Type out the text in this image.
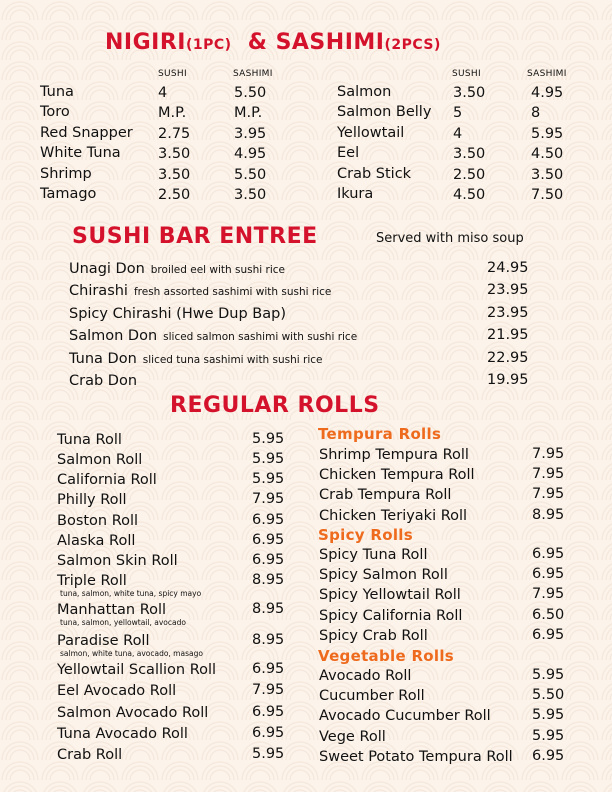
NIGIRI(1PC) & SASHIMI(2PCS)
SUSHI	SASHIMI	SUSHI	SASHIMI
Tuna	4	5.50
Toro	M.P.	M.P.
Red Snapper 2.75	3.95
White Tuna	3.50	4.95
Shrimp	3.50	5.50
Tamago	2.50	3.50
Salmon	3.50	4.95
Salmon Belly 5	8
Yellowtail	4	5.95
Eel	3.50	4.50
Crab Stick	2.50	3.50
Ikura	4.50	7.50
SUSHI BAR ENTREE	Served with miso soup
Unagi Don broiled eel with sushi rice	24.95
Chirashi fresh assorted sashimi with sushi rice	23.95
Spicy Chirashi (Hwe Dup Bap)	23.95
Salmon Don sliced salmon sashimi with sushi rice	21.95
Tuna Don sliced tuna sashimi with sushi rice	22.95
Crab Don	19.95
REGULAR ROLLS
Tuna Roll	5.95
Salmon Roll	5.95
California Roll	5.95
Philly Roll	7.95
Boston Roll	6.95
Alaska Roll	6.95
Salmon Skin Roll	6.95
Triple Roll	8.95
tuna, salmon, white tuna, spicy mayo
Manhattan Roll	8.95
tuna, salmon, yellowtail, avocado
Paradise Roll	8.95
salmon, white tuna, avocado, masago
Yellowtail Scallion Roll 6.95
Eel Avocado Roll	7.95
Salmon Avocado Roll	6.95
Tuna Avocado Roll	6.95
Crab Roll	5.95
Tempura Rolls
Shrimp Tempura Roll	7.95
Chicken Tempura Roll	7.95
Crab Tempura Roll	7.95
Chicken Teriyaki Roll	8.95
Spicy Rolls
Spicy Tuna Roll	6.95
Spicy Salmon Roll	6.95
Spicy Yellowtail Roll	7.95
Spicy California Roll	6.50
Spicy Crab Roll	6.95
Vegetable Rolls
Avocado Roll	5.95
Cucumber Roll	5.50
Avocado Cucumber Roll	5.95
Vege Roll	5.95
Sweet Potato Tempura Roll 6.95
